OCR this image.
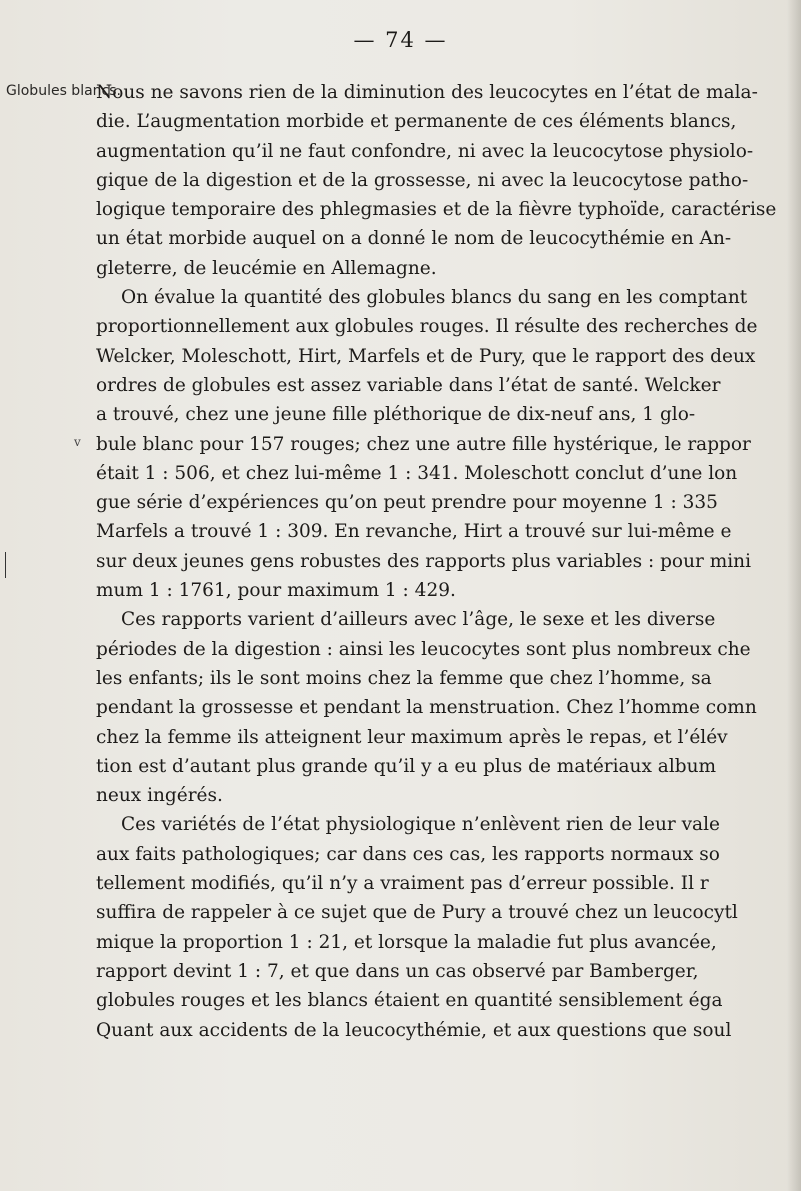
— 74 —
Globules blancs.
v
Nous ne savons rien de la diminution des leucocytes en l’état de mala-
die. L’augmentation morbide et permanente de ces éléments blancs,
augmentation qu’il ne faut confondre, ni avec la leucocytose physiolo-
gique de la digestion et de la grossesse, ni avec la leucocytose patho-
logique temporaire des phlegmasies et de la fièvre typhoïde, caractérise
un état morbide auquel on a donné le nom de leucocythémie en An-
gleterre, de leucémie en Allemagne.
On évalue la quantité des globules blancs du sang en les comptant
proportionnellement aux globules rouges. Il résulte des recherches de
Welcker, Moleschott, Hirt, Marfels et de Pury, que le rapport des deux
ordres de globules est assez variable dans l’état de santé. Welcker
a trouvé, chez une jeune fille pléthorique de dix-neuf ans, 1 glo-
bule blanc pour 157 rouges; chez une autre fille hystérique, le rappor
était 1 : 506, et chez lui-même 1 : 341. Moleschott conclut d’une lon
gue série d’expériences qu’on peut prendre pour moyenne 1 : 335
Marfels a trouvé 1 : 309. En revanche, Hirt a trouvé sur lui-même e
sur deux jeunes gens robustes des rapports plus variables : pour mini
mum 1 : 1761, pour maximum 1 : 429.
Ces rapports varient d’ailleurs avec l’âge, le sexe et les diverse
périodes de la digestion : ainsi les leucocytes sont plus nombreux che
les enfants; ils le sont moins chez la femme que chez l’homme, sa
pendant la grossesse et pendant la menstruation. Chez l’homme comn
chez la femme ils atteignent leur maximum après le repas, et l’élév
tion est d’autant plus grande qu’il y a eu plus de matériaux album
neux ingérés.
Ces variétés de l’état physiologique n’enlèvent rien de leur vale
aux faits pathologiques; car dans ces cas, les rapports normaux so
tellement modifiés, qu’il n’y a vraiment pas d’erreur possible. Il r
suffira de rappeler à ce sujet que de Pury a trouvé chez un leucocytl
mique la proportion 1 : 21, et lorsque la maladie fut plus avancée,
rapport devint 1 : 7, et que dans un cas observé par Bamberger,
globules rouges et les blancs étaient en quantité sensiblement éga
Quant aux accidents de la leucocythémie, et aux questions que soul
